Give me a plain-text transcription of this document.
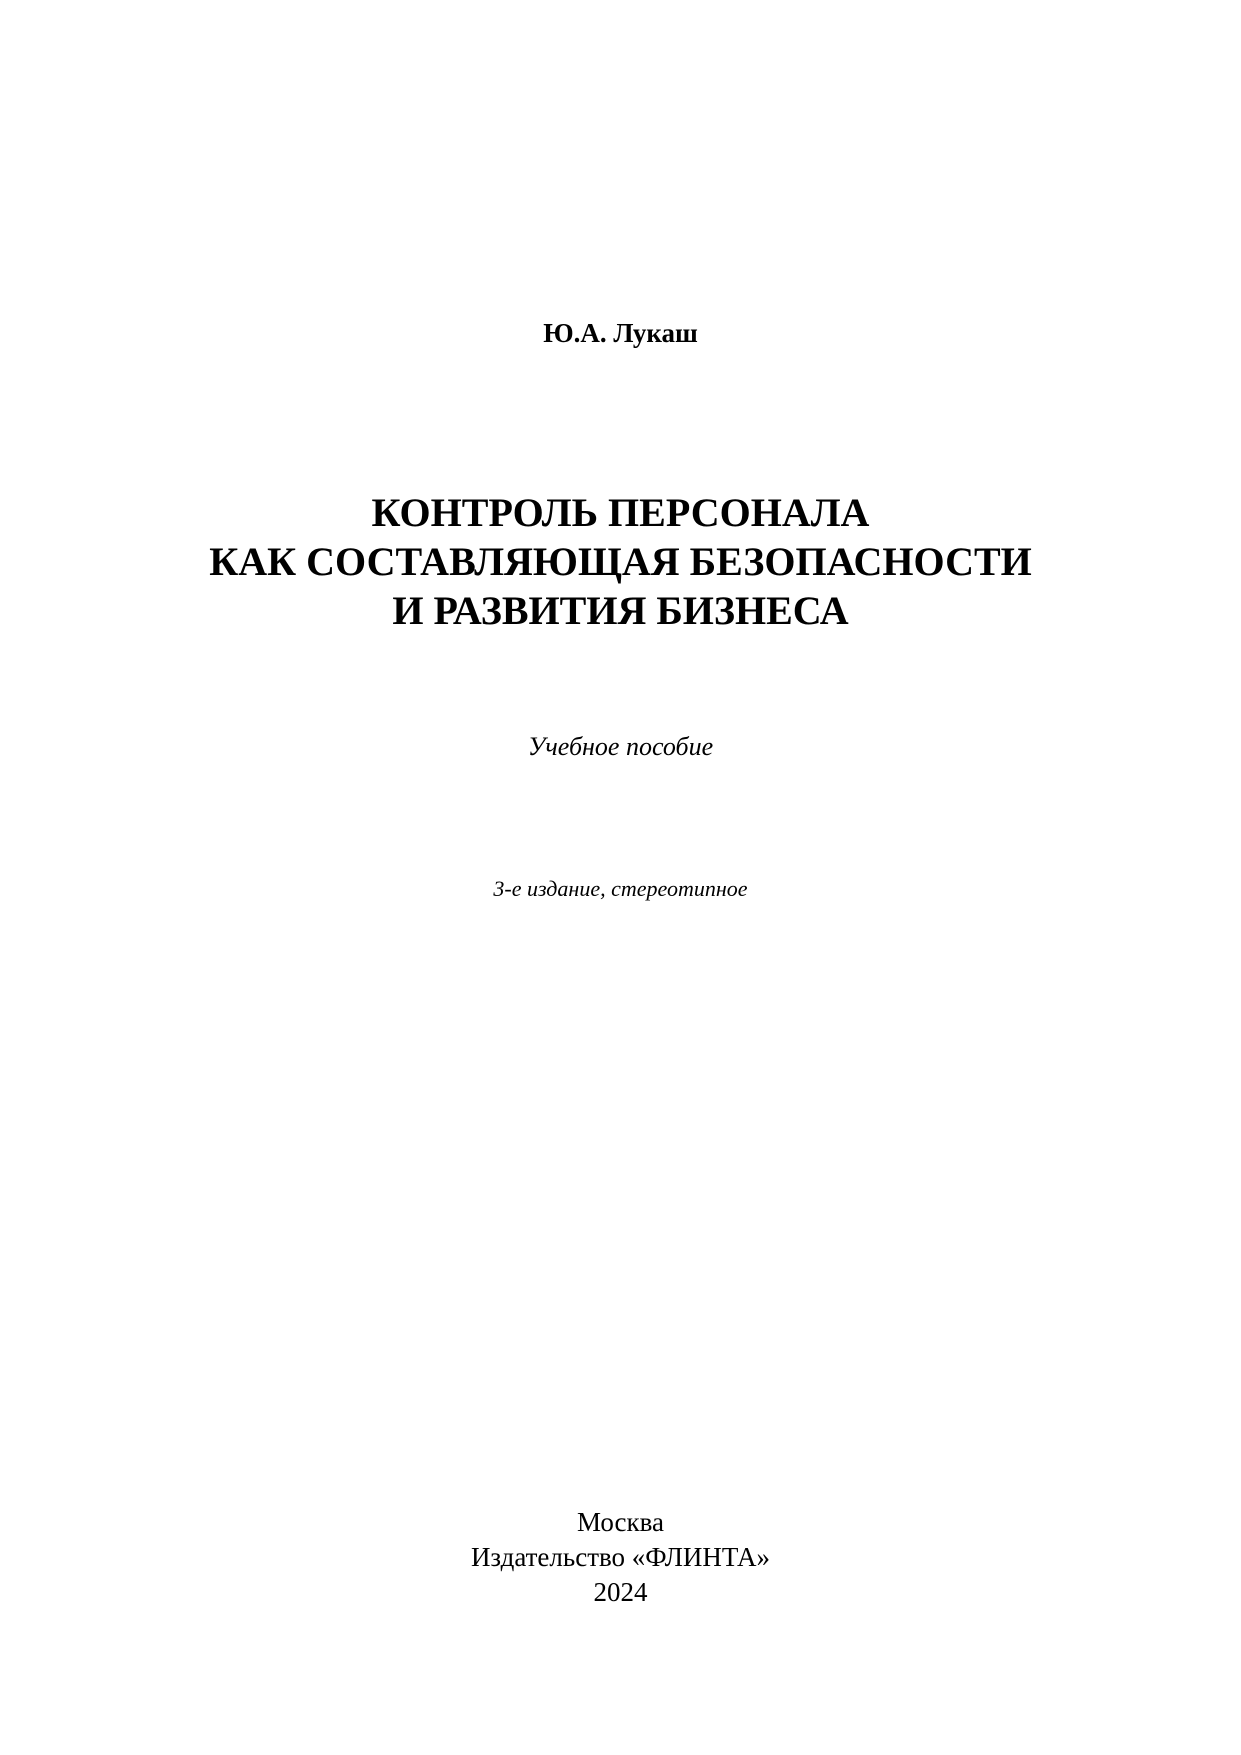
Ю.А. Лукаш
КОНТРОЛЬ ПЕРСОНАЛА
КАК СОСТАВЛЯЮЩАЯ БЕЗОПАСНОСТИ
И РАЗВИТИЯ БИЗНЕСА
Учебное пособие
3-е издание, стереотипное
Москва
Издательство «ФЛИНТА»
2024
